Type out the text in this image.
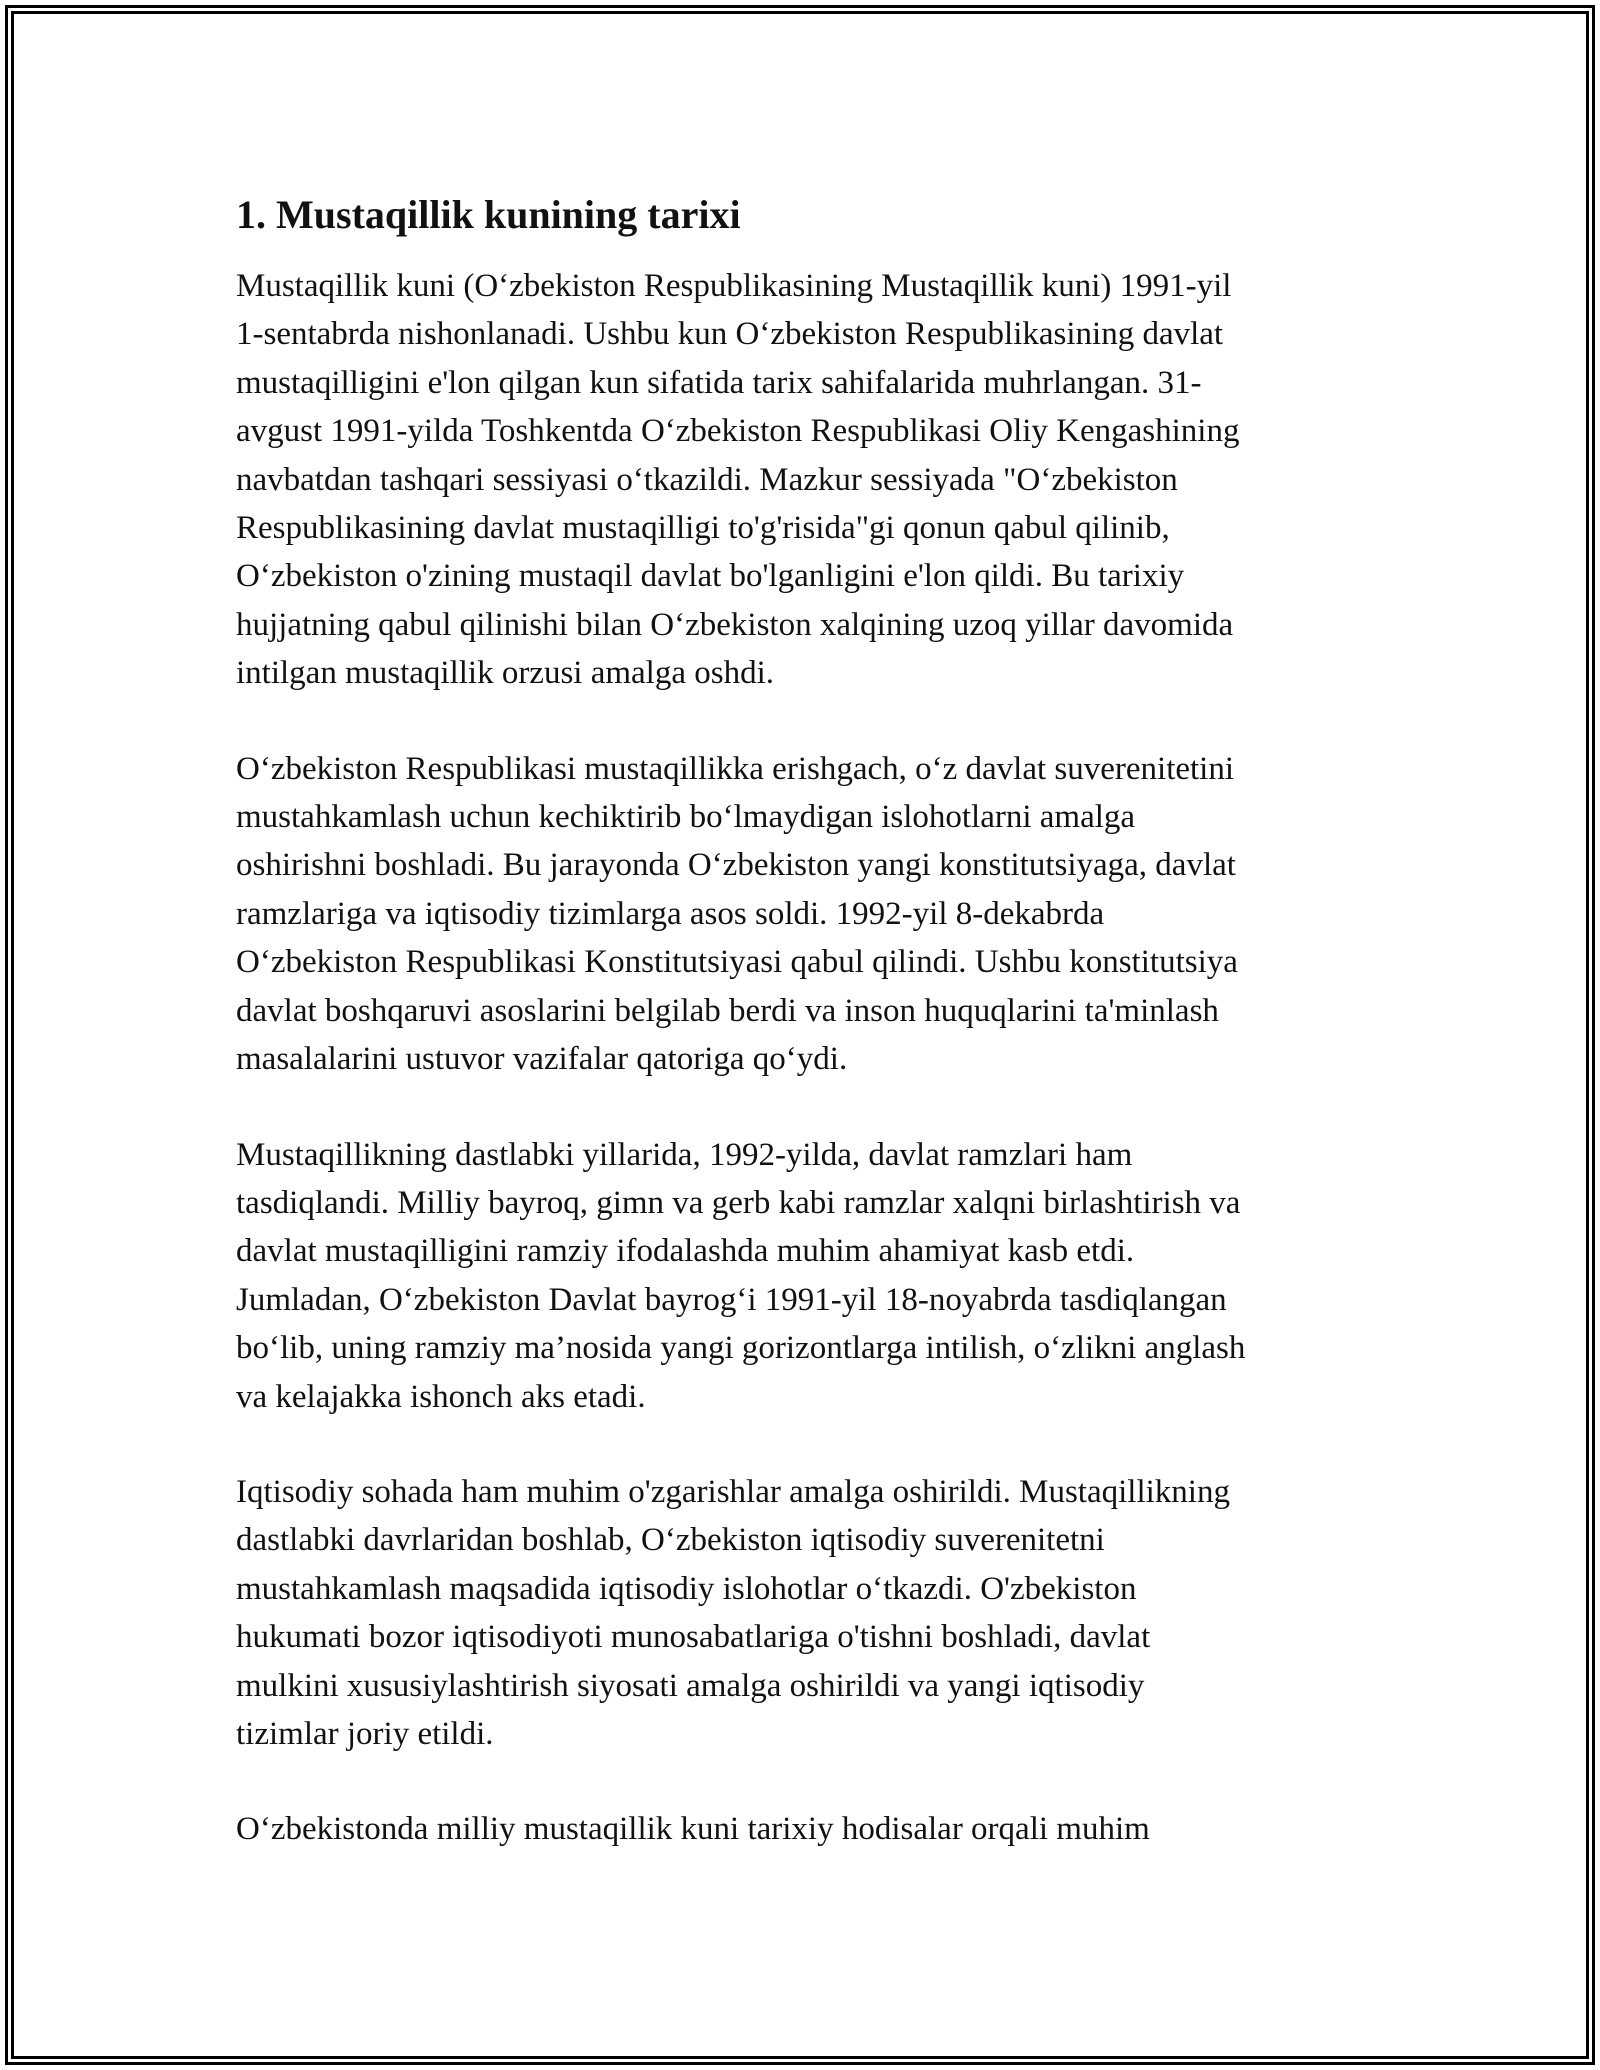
1. Mustaqillik kunining tarixi

Mustaqillik kuni (O‘zbekiston Respublikasining Mustaqillik kuni) 1991-yil
1-sentabrda nishonlanadi. Ushbu kun O‘zbekiston Respublikasining davlat
mustaqilligini e'lon qilgan kun sifatida tarix sahifalarida muhrlangan. 31-
avgust 1991-yilda Toshkentda O‘zbekiston Respublikasi Oliy Kengashining
navbatdan tashqari sessiyasi o‘tkazildi. Mazkur sessiyada "O‘zbekiston
Respublikasining davlat mustaqilligi to'g'risida"gi qonun qabul qilinib,
O‘zbekiston o'zining mustaqil davlat bo'lganligini e'lon qildi. Bu tarixiy
hujjatning qabul qilinishi bilan O‘zbekiston xalqining uzoq yillar davomida
intilgan mustaqillik orzusi amalga oshdi.

O‘zbekiston Respublikasi mustaqillikka erishgach, o‘z davlat suverenitetini
mustahkamlash uchun kechiktirib bo‘lmaydigan islohotlarni amalga
oshirishni boshladi. Bu jarayonda O‘zbekiston yangi konstitutsiyaga, davlat
ramzlariga va iqtisodiy tizimlarga asos soldi. 1992-yil 8-dekabrda
O‘zbekiston Respublikasi Konstitutsiyasi qabul qilindi. Ushbu konstitutsiya
davlat boshqaruvi asoslarini belgilab berdi va inson huquqlarini ta'minlash
masalalarini ustuvor vazifalar qatoriga qo‘ydi.

Mustaqillikning dastlabki yillarida, 1992-yilda, davlat ramzlari ham
tasdiqlandi. Milliy bayroq, gimn va gerb kabi ramzlar xalqni birlashtirish va
davlat mustaqilligini ramziy ifodalashda muhim ahamiyat kasb etdi.
Jumladan, O‘zbekiston Davlat bayrog‘i 1991-yil 18-noyabrda tasdiqlangan
bo‘lib, uning ramziy ma’nosida yangi gorizontlarga intilish, o‘zlikni anglash
va kelajakka ishonch aks etadi.

Iqtisodiy sohada ham muhim o'zgarishlar amalga oshirildi. Mustaqillikning
dastlabki davrlaridan boshlab, O‘zbekiston iqtisodiy suverenitetni
mustahkamlash maqsadida iqtisodiy islohotlar o‘tkazdi. O'zbekiston
hukumati bozor iqtisodiyoti munosabatlariga o'tishni boshladi, davlat
mulkini xususiylashtirish siyosati amalga oshirildi va yangi iqtisodiy
tizimlar joriy etildi.

O‘zbekistonda milliy mustaqillik kuni tarixiy hodisalar orqali muhim
